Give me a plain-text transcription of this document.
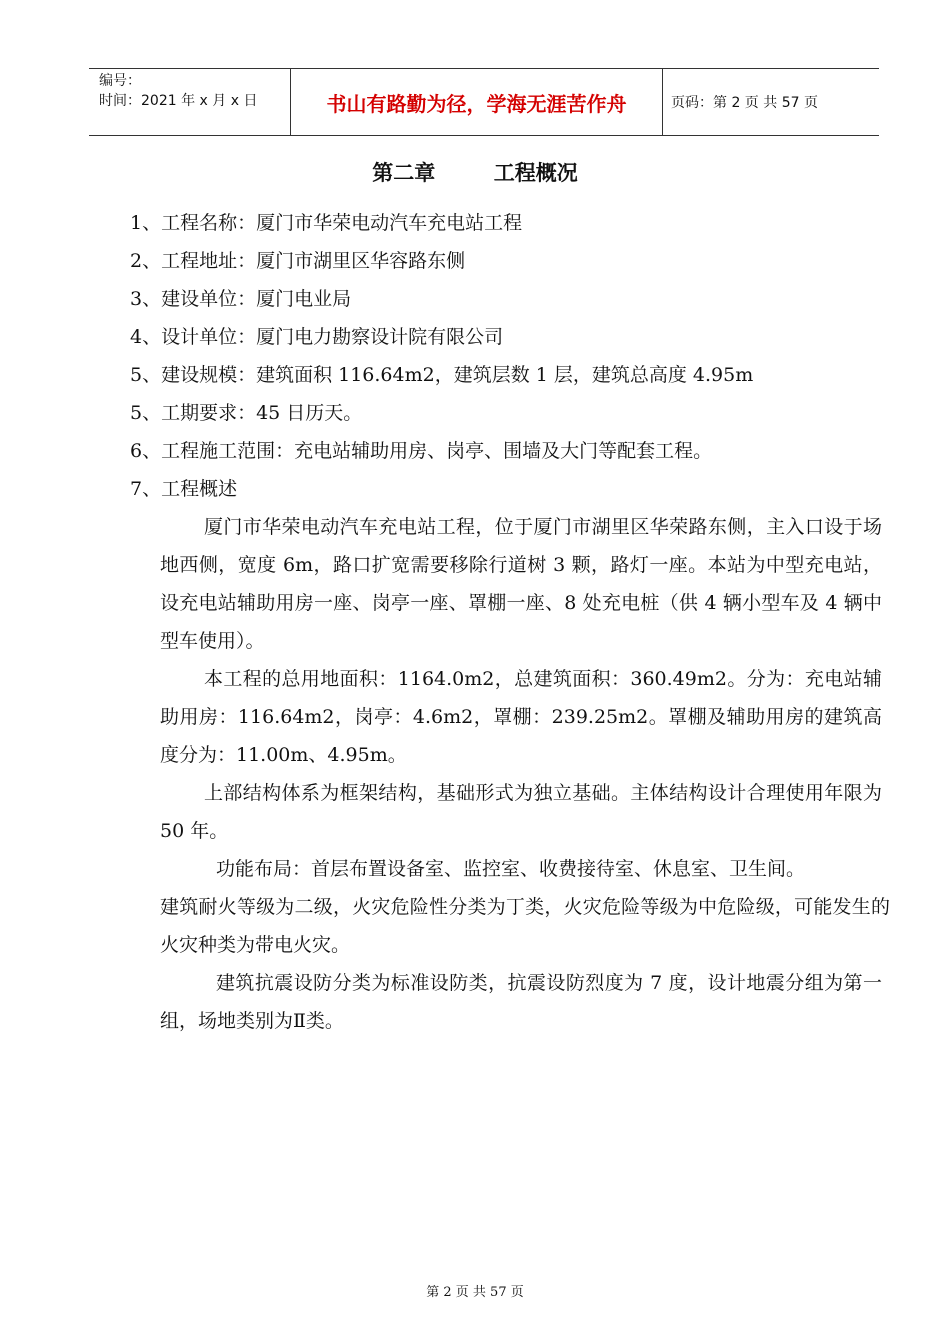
编号：
时间：2021 年 x 月 x 日	书山有路勤为径，学海无涯苦作舟	页码：第 2 页 共 57 页
第二章        工程概况

1、工程名称：厦门市华荣电动汽车充电站工程

2、工程地址：厦门市湖里区华容路东侧

3、建设单位：厦门电业局

4、设计单位：厦门电力勘察设计院有限公司

5、建设规模：建筑面积 116.64m2，建筑层数 1 层，建筑总高度 4.95m

5、工期要求：45 日历天。

6、工程施工范围：充电站辅助用房、岗亭、围墙及大门等配套工程。

7、工程概述

厦门市华荣电动汽车充电站工程，位于厦门市湖里区华荣路东侧，主入口设于场地西侧，宽度 6m，路口扩宽需要移除行道树 3 颗，路灯一座。本站为中型充电站，设充电站辅助用房一座、岗亭一座、罩棚一座、8 处充电桩（供 4 辆小型车及 4 辆中型车使用）。

本工程的总用地面积：1164.0m2，总建筑面积：360.49m2。分为：充电站辅助用房：116.64m2，岗亭：4.6m2，罩棚：239.25m2。罩棚及辅助用房的建筑高度分为：11.00m、4.95m。

上部结构体系为框架结构，基础形式为独立基础。主体结构设计合理使用年限为 50 年。

功能布局：首层布置设备室、监控室、收费接待室、休息室、卫生间。

建筑耐火等级为二级，火灾危险性分类为丁类，火灾危险等级为中危险级，可能发生的火灾种类为带电火灾。

建筑抗震设防分类为标准设防类，抗震设防烈度为 7 度，设计地震分组为第一组，场地类别为Ⅱ类。

第 2 页 共 57 页
